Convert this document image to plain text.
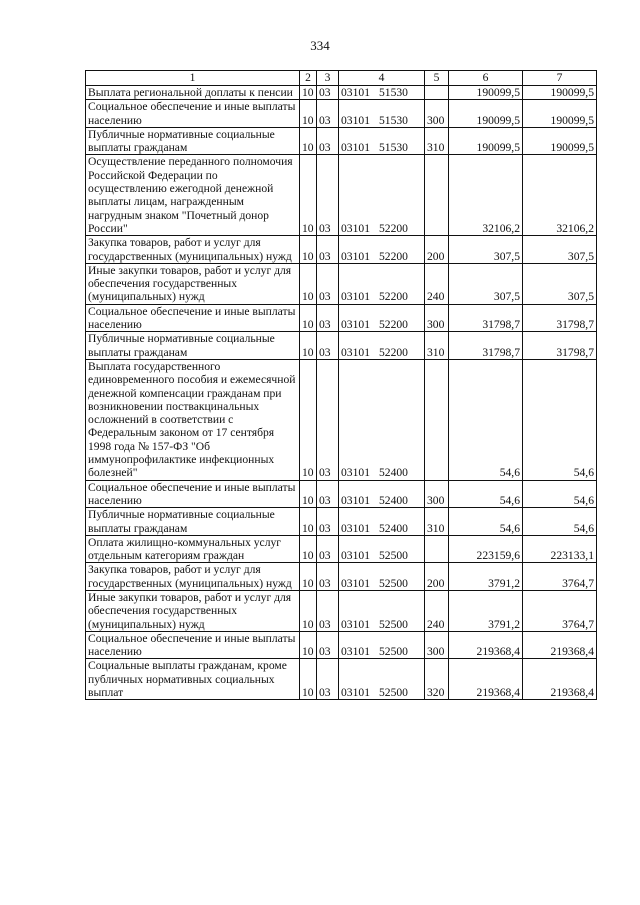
334
1	2	3	4	5	6	7
Выплата региональной доплаты к пенсии	10	03	03101 51530		190099,5	190099,5
Социальное обеспечение и иные выплаты населению	10	03	03101 51530	300	190099,5	190099,5
Публичные нормативные социальные выплаты гражданам	10	03	03101 51530	310	190099,5	190099,5
Осуществление переданного полномочия Российской Федерации по осуществлению ежегодной денежной выплаты лицам, награжденным нагрудным знаком "Почетный донор России"	10	03	03101 52200		32106,2	32106,2
Закупка товаров, работ и услуг для государственных (муниципальных) нужд	10	03	03101 52200	200	307,5	307,5
Иные закупки товаров, работ и услуг для обеспечения государственных (муниципальных) нужд	10	03	03101 52200	240	307,5	307,5
Социальное обеспечение и иные выплаты населению	10	03	03101 52200	300	31798,7	31798,7
Публичные нормативные социальные выплаты гражданам	10	03	03101 52200	310	31798,7	31798,7
Выплата государственного единовременного пособия и ежемесячной денежной компенсации гражданам при возникновении поствакцинальных осложнений в соответствии с Федеральным законом от 17 сентября 1998 года № 157-ФЗ "Об иммунопрофилактике инфекционных болезней"	10	03	03101 52400		54,6	54,6
Социальное обеспечение и иные выплаты населению	10	03	03101 52400	300	54,6	54,6
Публичные нормативные социальные выплаты гражданам	10	03	03101 52400	310	54,6	54,6
Оплата жилищно-коммунальных услуг отдельным категориям граждан	10	03	03101 52500		223159,6	223133,1
Закупка товаров, работ и услуг для государственных (муниципальных) нужд	10	03	03101 52500	200	3791,2	3764,7
Иные закупки товаров, работ и услуг для обеспечения государственных (муниципальных) нужд	10	03	03101 52500	240	3791,2	3764,7
Социальное обеспечение и иные выплаты населению	10	03	03101 52500	300	219368,4	219368,4
Социальные выплаты гражданам, кроме публичных нормативных социальных выплат	10	03	03101 52500	320	219368,4	219368,4
